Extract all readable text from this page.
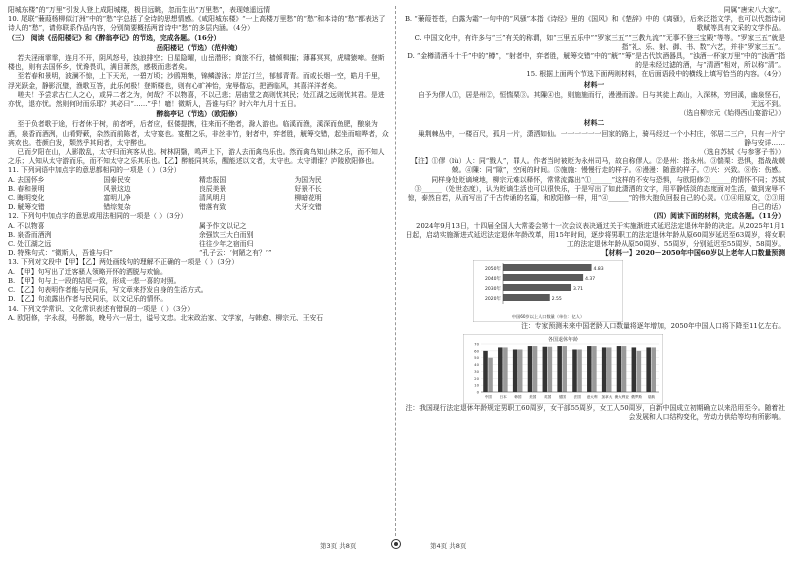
阳城东楼”的“万里”引发人登上成阳城楼，极目远眺，忽而生出“万里愁”，表现她遥远情

10. 尾联“蒹葭杨柳似汀洲”中的“愁”字总括了全诗的思想情感。《咸阳城东楼》“一上高楼万里愁”的“愁”和本诗的“愁”都表达了诗人的“愁”，请你联系作品内容，分别简要概括两首诗中“愁”的多层内涵。（4分）

（三） 阅读《岳阳楼记》和《醉翁亭记》的节选，完成各题。（16分）

岳阳楼记（节选）（范仲淹）

若夫淫雨霏霏，连月不开，阴风怒号，浊浪排空；日星隐曜，山岳潜形；商旅不行，樯倾楫摧；薄暮冥冥，虎啸猿啼。登斯楼也，则有去国怀乡，忧谗畏讥，满目萧然，感极而悲者矣。

至若春和景明，波澜不惊，上下天光，一碧万顷；沙鸥翔集，锦鳞游泳；岸芷汀兰，郁郁青青。而或长烟一空，皓月千里，浮光跃金，静影沉璧，渔歌互答，此乐何极！登斯楼也，则有心旷神怡，宠辱偕忘，把酒临风，其喜洋洋者矣。

嗟夫！予尝求古仁人之心，或异二者之为，何哉？不以物喜，不以己悲；居庙堂之高则忧其民；处江湖之远则忧其君。是进亦忧，退亦忧。然则何时而乐耶？其必曰“……”乎！噫！微斯人，吾谁与归？时六年九月十五日。

醉翁亭记（节选）（欧阳修）

至于负者歌于途，行者休于树，前者呼，后者应，伛偻提携，往来而不绝者，滁人游也。临溪而渔，溪深而鱼肥，酿泉为酒，泉香而酒洌，山肴野蔌，杂然而前陈者，太守宴也。宴酣之乐，非丝非竹，射者中，弈者胜，觥筹交错，起坐而喧哗者，众宾欢也。苍颜白发，颓然乎其间者，太守醉也。

已而夕阳在山，人影散乱，太守归而宾客从也。树林阴翳，鸣声上下，游人去而禽鸟乐也。然而禽鸟知山林之乐，而不知人之乐；人知从太守游而乐，而不知太守之乐其乐也。【乙】醉能同其乐，醒能述以文者，太守也。太守谓谁？庐陵欧阳修也。

11. 下列词语中加点字的意思都相同的一项是（ ）（3分）

A. 去国怀乡	国泰民安	精忠报国	为国为民
B. 春和景明	风景这边	良辰美景	好景不长
C. 晦明变化	富明儿净	清风明月	柳暗花明
D. 觥筹交错	错综复杂	错落有致	犬牙交错

12. 下列句中加点字的意思或用法相同的一项是（ ）（3分）

A. 不以物喜	属予作文以记之
B. 泉香而酒洌	余强饮三大白而别
C. 处江湖之远	往往少年之宿而归
D. 特殊句式：“微斯人，吾谁与归”	“孔子云：‘何陋之有？’”

13. 下列对文段中【甲】【乙】两处画线句的理解不正确的一项是（ ）（3分）

A. 【甲】句写出了迁客骚人领略开怀的洒脱与欢愉。

B. 【甲】句与上一段的结尾一致，形成一悲一喜的对照。

C. 【乙】句表明作者能与民同乐，写文章来抒发自身的生活方式。

D. 【乙】句流露出作者与民同乐，以文记乐的情怀。

14. 下列文学常识、文化常识表述有错误的一项是（ ）（3分）

A. 欧阳修，字永叔，号醉翁，晚号六一居士，谥号文忠。北宋政治家、文学家，与韩愈、柳宗元、王安石

同属“唐宋八大家”。

B. “蒹葭苍苍，白露为霜”一句中的“风骚”本指《诗经》里的《国风》和《楚辞》中的《离骚》，后来泛指文学，也可以代指诗词歌赋等具有文采的文学作品。

C. 中国文化中，有许多与“三”有关的称谓，如“三里五乐中”“罗家三五”“三教九流”“无事不登三宝殿”等等。“罗家三五”就是指“礼、乐、射、御、书、数”六艺，并非“罗家三五”。

D. “金樽清酒斗十千”中的“樽”，“射者中，弈者胜，觥筹交错”中的“觥”“筹”是古代饮酒器具，“浊酒一杯家万里”中的“浊酒”指的是未经过滤的酒，与“清酒”相对，所以称“清”。

15. 根据上面两个节选下面两则材料，在后面语段中的横线上填写恰当的内容。（4分）

材料一

自予为僇人①，居是州②，恒惴栗③。其隟④也，则施施而行，漫漫而游。日与其徒上高山，入深林，穷回溪，幽泉怪石，无远不到。

（选自柳宗元《始得西山宴游记》）

材料二

巢荆棘丛中，一楼百尺，孤月一片，潇洒如仙。一一一一一一回家的路上，骑马经过一个小村庄，邻居二三户，只有一片宁静与安详……

（选自苏轼《与参寥子书》）

【注】①僇（lù）人：同“戮人”，罪人。作者当时被贬为永州司马，故自称僇人。②是州：指永州。③惴栗：恐惧，指战战兢兢。④隟：同“隙”，空闲的时间。⑤施施：慢慢行走的样子。⑥漫漫：随意的样子。⑦兴：兴致。⑧伤：伤感。

同样身处贬谪境地，柳宗元难以释怀，常常流露出“①______”这样的不安与恐惧，与欧阳修②______的情怀不同；苏轼③______（处世态度），认为贬谪生活也可以很快乐，于是写出了如此潇洒的文字，用平静恬淡的态度面对生活，做到宠辱不惊，泰然自若，从而写出了千古传诵的名篇，和欧阳修一样，用“④______”的伟大抱负回报自己的心灵。（①④用原文，②③用自己的话）

（四）阅读下面的材料，完成各题。（11分）

2024年9月13日，十四届全国人大常委会第十一次会议表决通过关于实施渐进式延迟法定退休年龄的决定。从2025年1月1日起，启动实施渐进式延迟法定退休年龄改革，用15年时间，逐步将男职工的法定退休年龄从原60周岁延迟至63周岁，将女职工的法定退休年龄从原50周岁、55周岁，分别延迟至55周岁、58周岁。

【材料一】2020－2050年中国60岁以上老年人口数量预测

2050年	4.83
2040年	4.37
2030年	3.71
2020年	2.55
中国60岁以上人口数量（单位：亿人）

注：专家预测未来中国老龄人口数量将逐年增加，2050年中国人口将下降至11亿左右。

各国退休年龄
0
10
20
30
40
50
60
70
中国 日本 韩国 美国 英国 德国 法国 意大利 加拿大 澳大利亚 俄罗斯 瑞典

注：我国现行法定退休年龄规定男职工60周岁，女干部55周岁，女工人50周岁，自新中国成立初期确立以来沿用至今。随着社会发展和人口结构变化，劳动力供给等均有所影响。

第3页 共8页	第4页 共8页
